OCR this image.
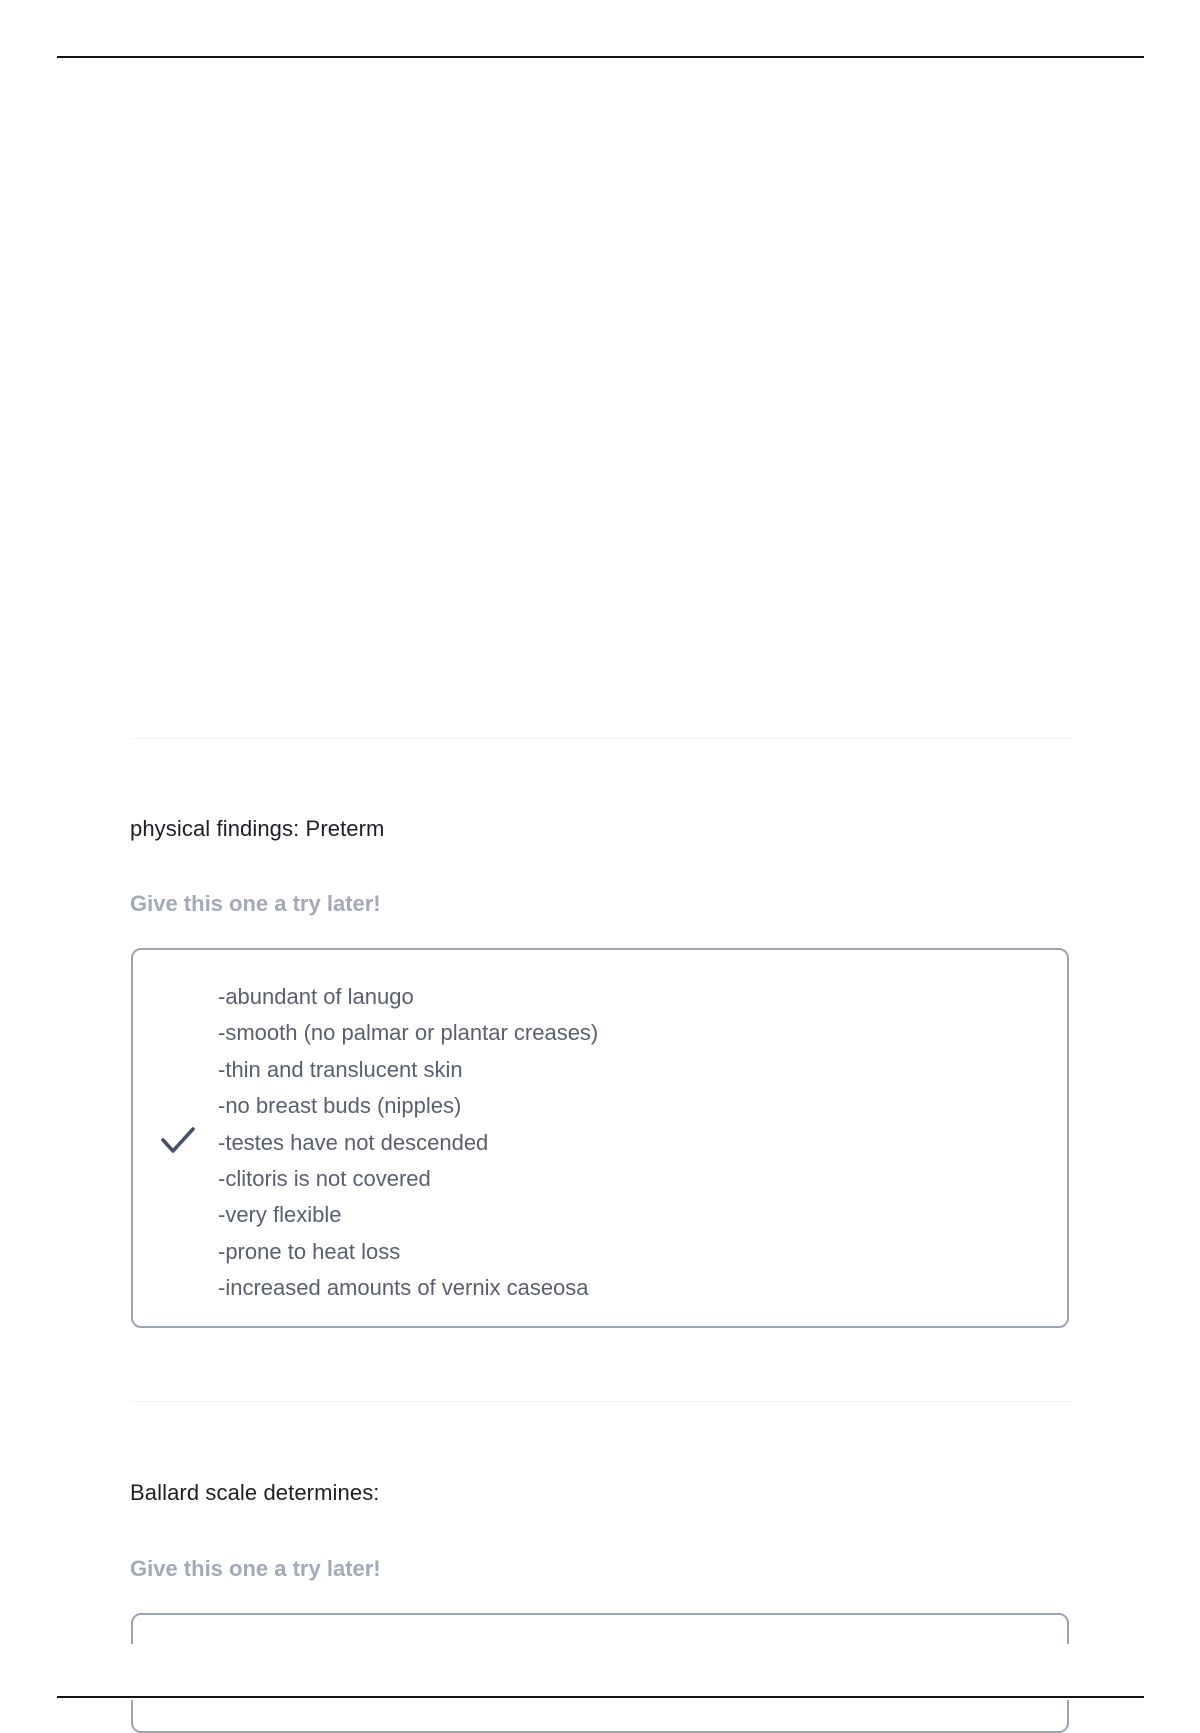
physical findings: Preterm
Give this one a try later!
-abundant of lanugo
-smooth (no palmar or plantar creases)
-thin and translucent skin
-no breast buds (nipples)
-testes have not descended
-clitoris is not covered
-very flexible
-prone to heat loss
-increased amounts of vernix caseosa
Ballard scale determines:
Give this one a try later!
